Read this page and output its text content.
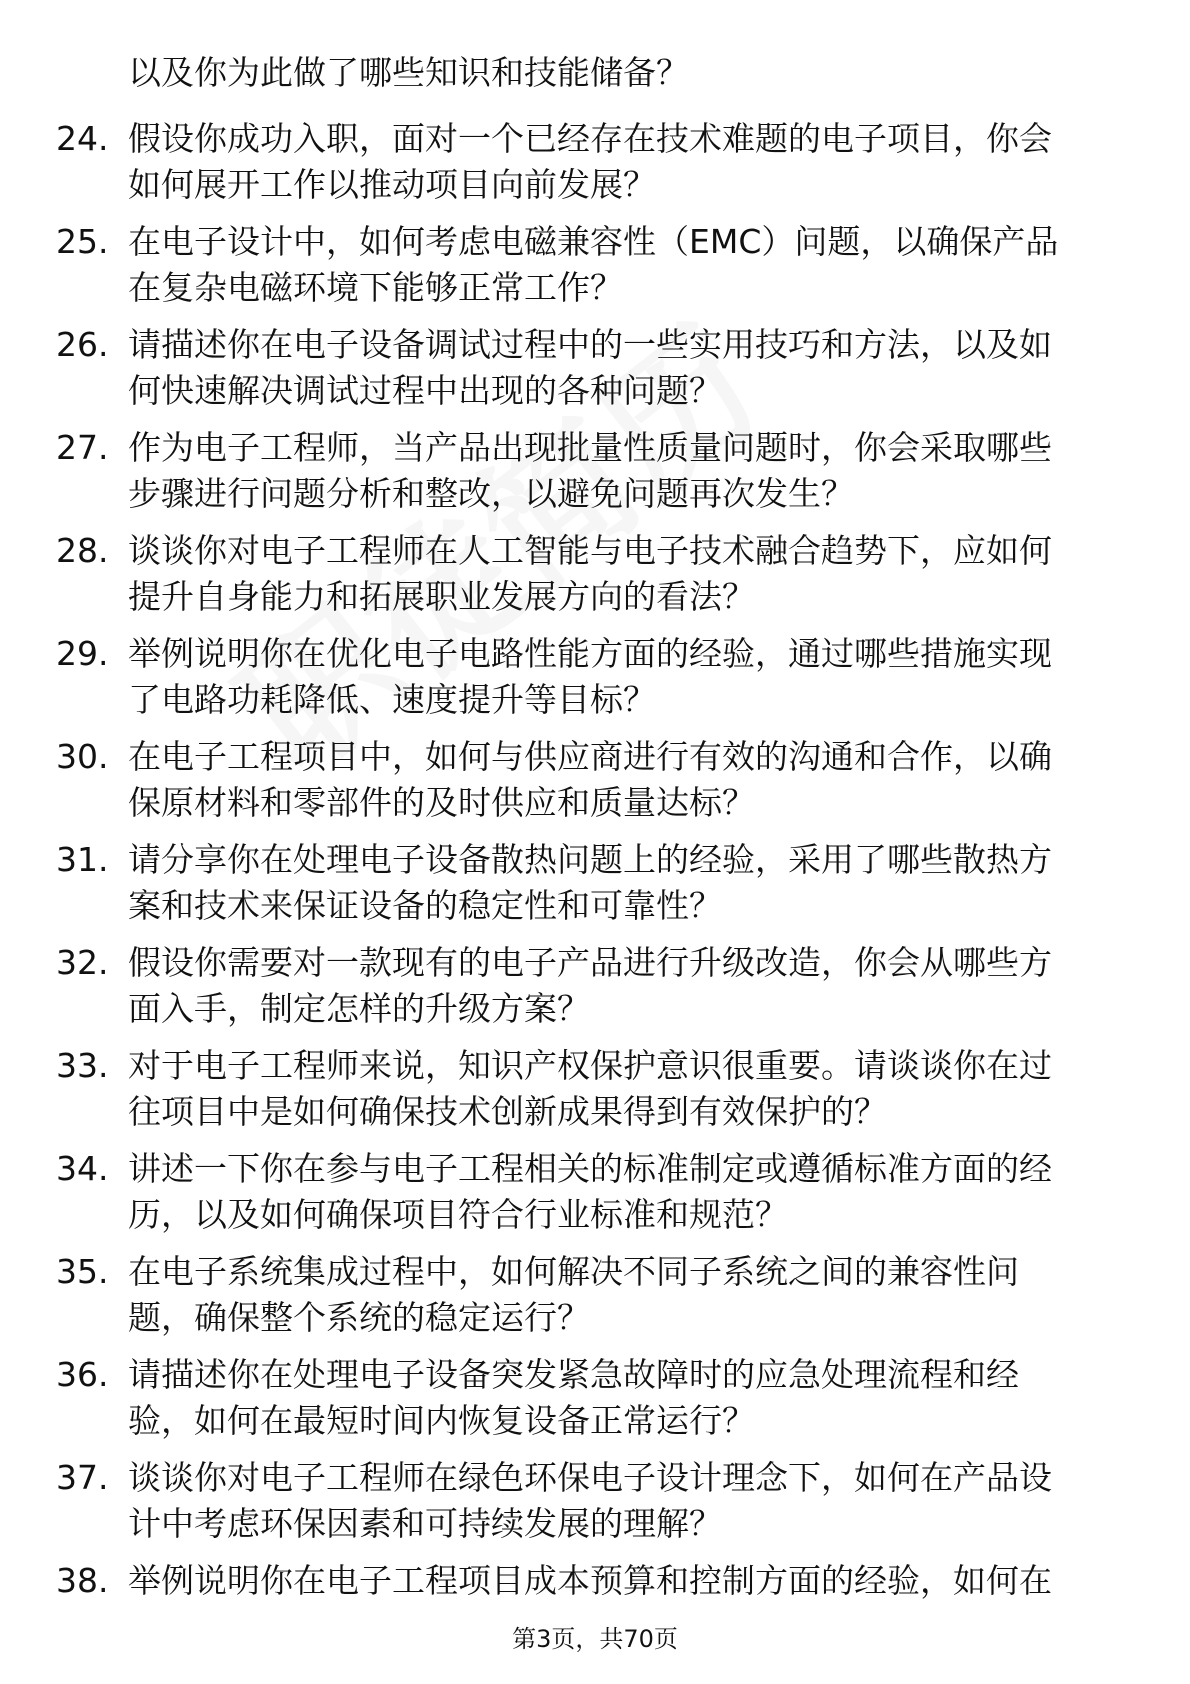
以及你为此做了哪些知识和技能储备？

24. 假设你成功入职，面对一个已经存在技术难题的电子项目，你会
如何展开工作以推动项目向前发展？
25. 在电子设计中，如何考虑电磁兼容性（EMC）问题，以确保产品
在复杂电磁环境下能够正常工作？
26. 请描述你在电子设备调试过程中的一些实用技巧和方法，以及如
何快速解决调试过程中出现的各种问题？
27. 作为电子工程师，当产品出现批量性质量问题时，你会采取哪些
步骤进行问题分析和整改，以避免问题再次发生？
28. 谈谈你对电子工程师在人工智能与电子技术融合趋势下，应如何
提升自身能力和拓展职业发展方向的看法？
29. 举例说明你在优化电子电路性能方面的经验，通过哪些措施实现
了电路功耗降低、速度提升等目标？
30. 在电子工程项目中，如何与供应商进行有效的沟通和合作，以确
保原材料和零部件的及时供应和质量达标？
31. 请分享你在处理电子设备散热问题上的经验，采用了哪些散热方
案和技术来保证设备的稳定性和可靠性？
32. 假设你需要对一款现有的电子产品进行升级改造，你会从哪些方
面入手，制定怎样的升级方案？
33. 对于电子工程师来说，知识产权保护意识很重要。请谈谈你在过
往项目中是如何确保技术创新成果得到有效保护的？
34. 讲述一下你在参与电子工程相关的标准制定或遵循标准方面的经
历，以及如何确保项目符合行业标准和规范？
35. 在电子系统集成过程中，如何解决不同子系统之间的兼容性问
题，确保整个系统的稳定运行？
36. 请描述你在处理电子设备突发紧急故障时的应急处理流程和经
验，如何在最短时间内恢复设备正常运行？
37. 谈谈你对电子工程师在绿色环保电子设计理念下，如何在产品设
计中考虑环保因素和可持续发展的理解？
38. 举例说明你在电子工程项目成本预算和控制方面的经验，如何在
第3页，共70页
